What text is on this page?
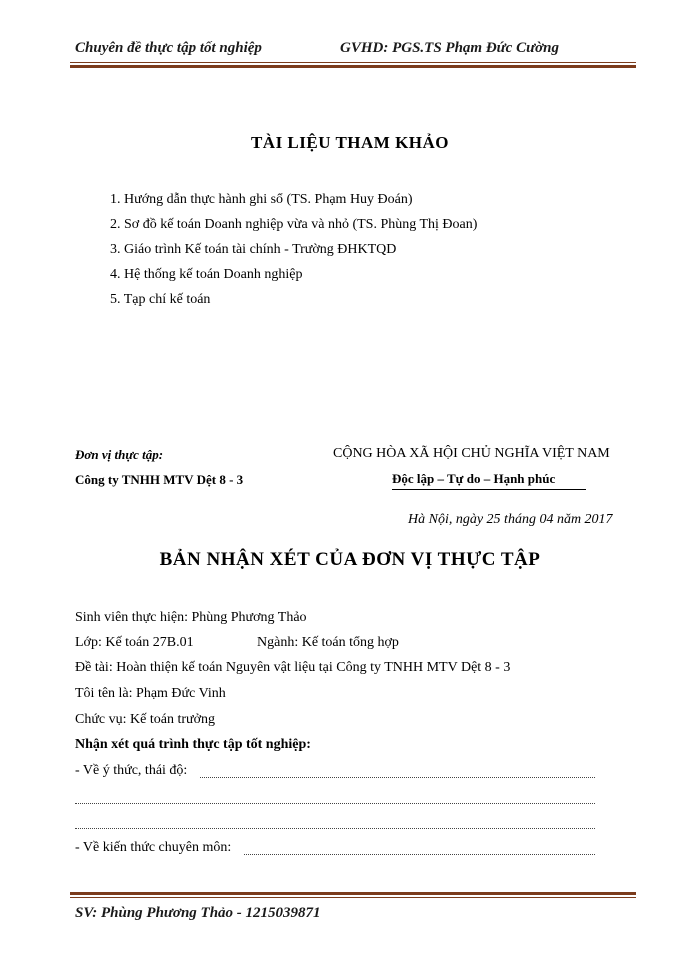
Chuyên đề thực tập tốt nghiệp	GVHD: PGS.TS Phạm Đức Cường
TÀI LIỆU THAM KHẢO
1. Hướng dẫn thực hành ghi sổ (TS. Phạm Huy Đoán)
2. Sơ đồ kế toán Doanh nghiệp vừa và nhỏ (TS. Phùng Thị Đoan)
3. Giáo trình Kế toán tài chính - Trường ĐHKTQD
4. Hệ thống kế toán Doanh nghiệp
5. Tạp chí kế toán
Đơn vị thực tập:
Công ty TNHH MTV Dệt 8 - 3
CỘNG HÒA XÃ HỘI CHỦ NGHĨA VIỆT NAM
Độc lập – Tự do – Hạnh phúc
Hà Nội, ngày 25 tháng 04 năm 2017
BẢN NHẬN XÉT CỦA ĐƠN VỊ THỰC TẬP
Sinh viên thực hiện: Phùng Phương Thảo
Lớp: Kế toán 27B.01	Ngành: Kế toán tổng hợp
Đề tài: Hoàn thiện kế toán Nguyên vật liệu tại Công ty TNHH MTV Dệt 8 - 3
Tôi tên là: Phạm Đức Vinh
Chức vụ: Kế toán trưởng
Nhận xét quá trình thực tập tốt nghiệp:
- Về ý thức, thái độ:
- Về kiến thức chuyên môn:
SV: Phùng Phương Thảo - 1215039871
